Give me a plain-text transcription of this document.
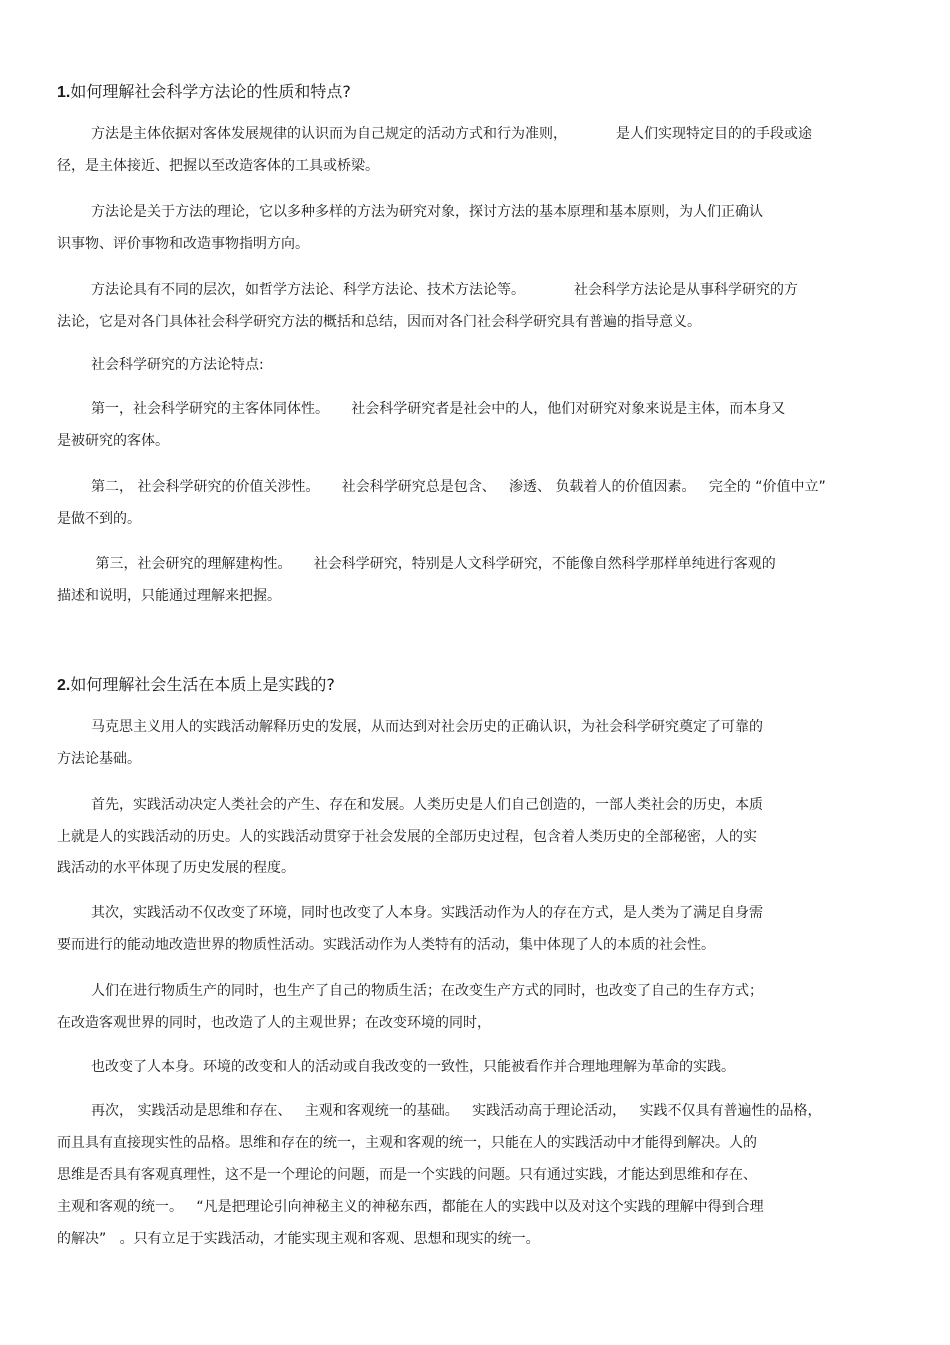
1.如何理解社会科学方法论的性质和特点?
方法是主体依据对客体发展规律的认识而为自己规定的活动方式和行为准则，           是人们实现特定目的的手段或途
径，是主体接近、把握以至改造客体的工具或桥梁。
方法论是关于方法的理论，它以多种多样的方法为研究对象，探讨方法的基本原理和基本原则，为人们正确认
识事物、评价事物和改造事物指明方向。
方法论具有不同的层次，如哲学方法论、科学方法论、技术方法论等。           社会科学方法论是从事科学研究的方
法论，它是对各门具体社会科学研究方法的概括和总结，因而对各门社会科学研究具有普遍的指导意义。
社会科学研究的方法论特点:
第一，社会科学研究的主客体同体性。     社会科学研究者是社会中的人，他们对研究对象来说是主体，而本身又
是被研究的客体。
第二， 社会科学研究的价值关涉性。     社会科学研究总是包含、   渗透、 负载着人的价值因素。   完全的 “价值中立”
是做不到的。
第三，社会研究的理解建构性。     社会科学研究，特别是人文科学研究，不能像自然科学那样单纯进行客观的
描述和说明，只能通过理解来把握。
2.如何理解社会生活在本质上是实践的?
马克思主义用人的实践活动解释历史的发展，从而达到对社会历史的正确认识，为社会科学研究奠定了可靠的
方法论基础。
首先，实践活动决定人类社会的产生、存在和发展。人类历史是人们自己创造的，一部人类社会的历史，本质
上就是人的实践活动的历史。人的实践活动贯穿于社会发展的全部历史过程，包含着人类历史的全部秘密，人的实
践活动的水平体现了历史发展的程度。
其次，实践活动不仅改变了环境，同时也改变了人本身。实践活动作为人的存在方式，是人类为了满足自身需
要而进行的能动地改造世界的物质性活动。实践活动作为人类特有的活动，集中体现了人的本质的社会性。
人们在进行物质生产的同时，也生产了自己的物质生活；在改变生产方式的同时，也改变了自己的生存方式；
在改造客观世界的同时，也改造了人的主观世界；在改变环境的同时，
也改变了人本身。环境的改变和人的活动或自我改变的一致性，只能被看作并合理地理解为革命的实践。
再次， 实践活动是思维和存在、   主观和客观统一的基础。   实践活动高于理论活动，   实践不仅具有普遍性的品格，
而且具有直接现实性的品格。思维和存在的统一，主观和客观的统一，只能在人的实践活动中才能得到解决。人的
思维是否具有客观真理性，这不是一个理论的问题，而是一个实践的问题。只有通过实践，才能达到思维和存在、
主观和客观的统一。   “凡是把理论引向神秘主义的神秘东西，都能在人的实践中以及对这个实践的理解中得到合理
的解决”   。只有立足于实践活动，才能实现主观和客观、思想和现实的统一。
